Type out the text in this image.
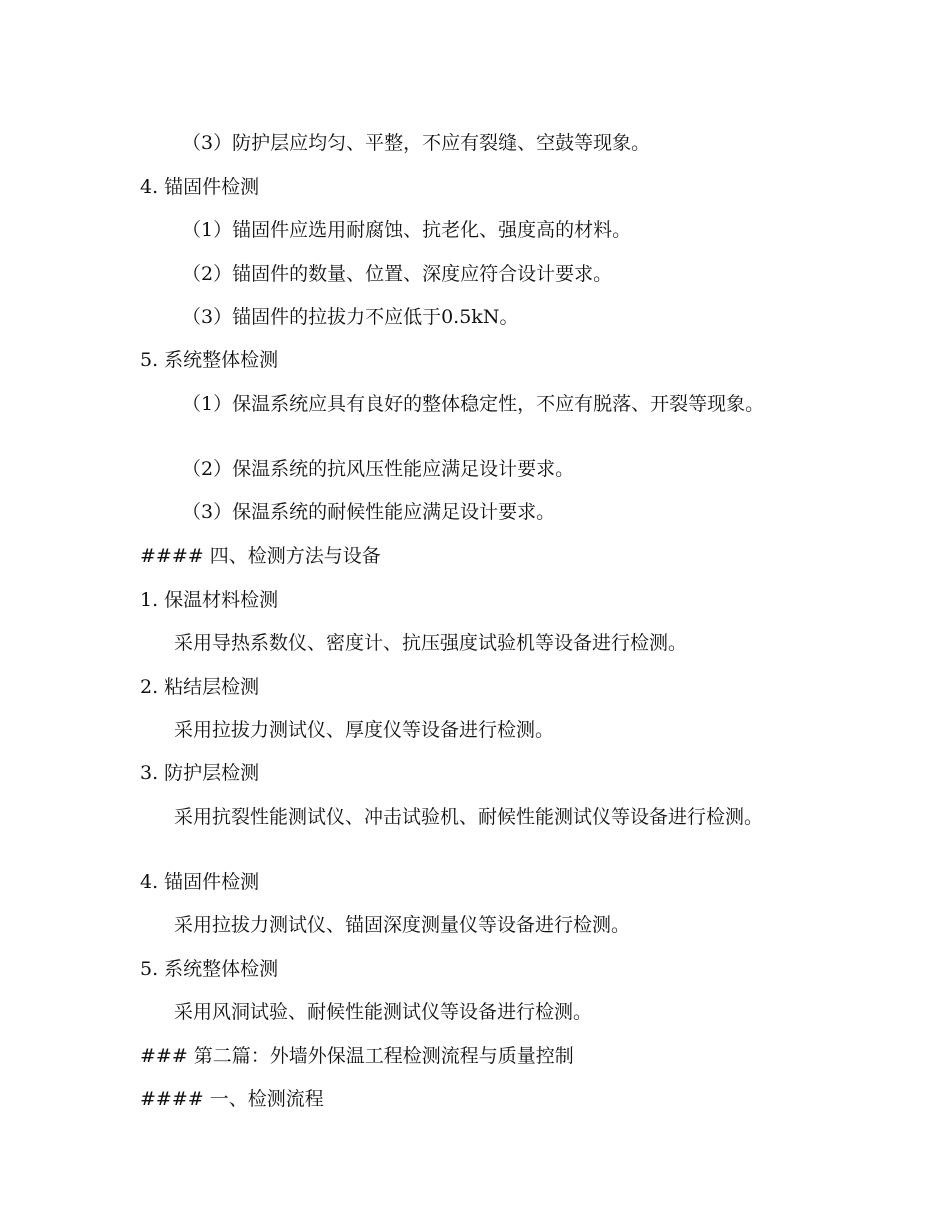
（3）防护层应均匀、平整，不应有裂缝、空鼓等现象。
4. 锚固件检测
（1）锚固件应选用耐腐蚀、抗老化、强度高的材料。
（2）锚固件的数量、位置、深度应符合设计要求。
（3）锚固件的拉拔力不应低于0.5kN。
5. 系统整体检测
（1）保温系统应具有良好的整体稳定性，不应有脱落、开裂等现象。
（2）保温系统的抗风压性能应满足设计要求。
（3）保温系统的耐候性能应满足设计要求。
#### 四、检测方法与设备
1. 保温材料检测
采用导热系数仪、密度计、抗压强度试验机等设备进行检测。
2. 粘结层检测
采用拉拔力测试仪、厚度仪等设备进行检测。
3. 防护层检测
采用抗裂性能测试仪、冲击试验机、耐候性能测试仪等设备进行检测。
4. 锚固件检测
采用拉拔力测试仪、锚固深度测量仪等设备进行检测。
5. 系统整体检测
采用风洞试验、耐候性能测试仪等设备进行检测。
### 第二篇：外墙外保温工程检测流程与质量控制
#### 一、检测流程
